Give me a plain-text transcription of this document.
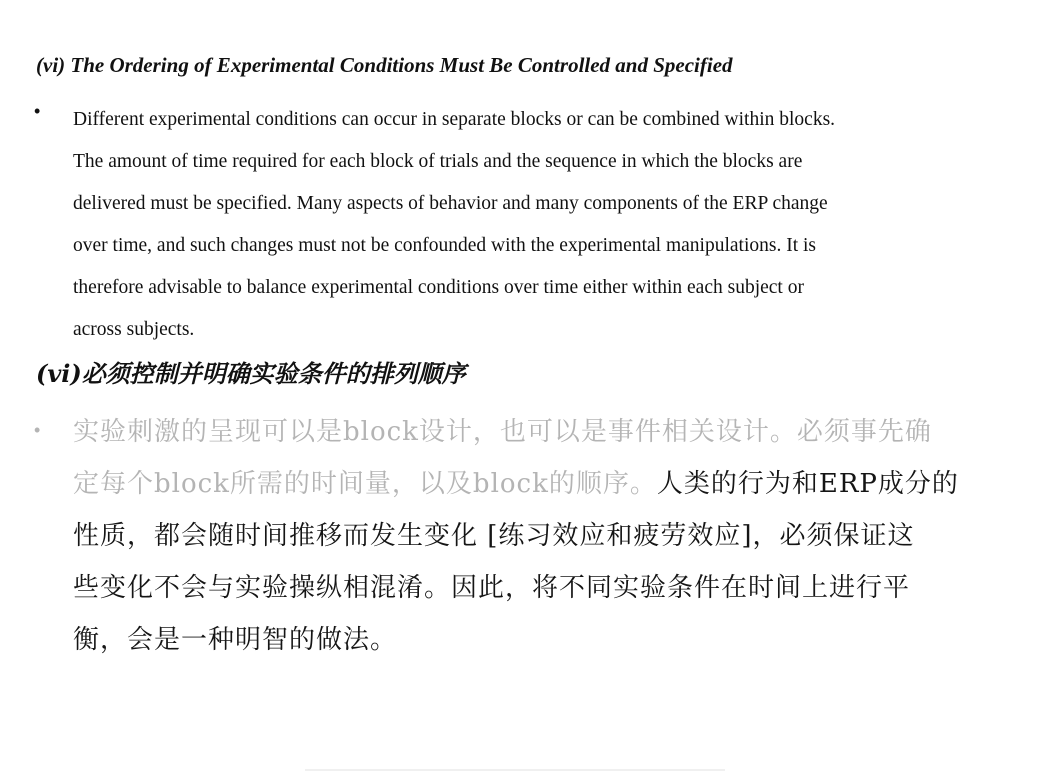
(vi) The Ordering of Experimental Conditions Must Be Controlled and Specified
• Different experimental conditions can occur in separate blocks or can be combined within blocks.
The amount of time required for each block of trials and the sequence in which the blocks are
delivered must be specified. Many aspects of behavior and many components of the ERP change
over time, and such changes must not be confounded with the experimental manipulations. It is
therefore advisable to balance experimental conditions over time either within each subject or
across subjects.
(vi)必须控制并明确实验条件的排列顺序
• 实验刺激的呈现可以是block设计，也可以是事件相关设计。必须事先确
定每个block所需的时间量，以及block的顺序。人类的行为和ERP成分的
性质，都会随时间推移而发生变化 [练习效应和疲劳效应]，必须保证这
些变化不会与实验操纵相混淆。因此，将不同实验条件在时间上进行平
衡，会是一种明智的做法。
